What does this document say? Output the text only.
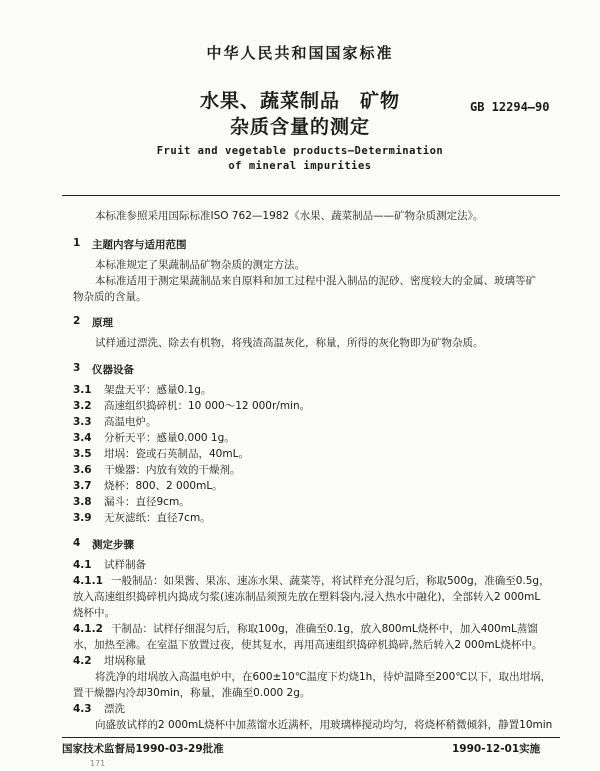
中华人民共和国国家标准
水果、蔬菜制品　矿物
杂质含量的测定
GB 12294—90
Fruit and vegetable products—Determination
of mineral impurities
本标准参照采用国际标准ISO 762—1982《水果、蔬菜制品——矿物杂质测定法》。
1 主题内容与适用范围
本标准规定了果蔬制品矿物杂质的测定方法。
本标准适用于测定果蔬制品来自原料和加工过程中混入制品的泥砂、密度较大的金属、玻璃等矿
物杂质的含量。
2 原理
试样通过漂洗、除去有机物，将残渣高温灰化，称量，所得的灰化物即为矿物杂质。
3 仪器设备
3.1 架盘天平：感量0.1g。
3.2 高速组织捣碎机：10 000～12 000r/min。
3.3 高温电炉。
3.4 分析天平：感量0.000 1g。
3.5 坩埚：瓷或石英制品，40mL。
3.6 干燥器：内放有效的干燥剂。
3.7 烧杯：800、2 000mL。
3.8 漏斗：直径9cm。
3.9 无灰滤纸：直径7cm。
4 测定步骤
4.1 试样制备
4.1.1 一般制品：如果酱、果冻、速冻水果、蔬菜等，将试样充分混匀后，称取500g，准确至0.5g，
放入高速组织捣碎机内捣成匀浆(速冻制品须预先放在塑料袋内,浸入热水中融化)，全部转入2 000mL
烧杯中。
4.1.2 干制品：试样仔细混匀后，称取100g，准确至0.1g，放入800mL烧杯中，加入400mL蒸馏
水，加热至沸。在室温下放置过夜，使其复水，再用高速组织捣碎机捣碎,然后转入2 000mL烧杯中。
4.2 坩埚称量
将洗净的坩埚放入高温电炉中，在600±10℃温度下灼烧1h，待炉温降至200℃以下，取出坩埚，
置干燥器内冷却30min，称量，准确至0.000 2g。
4.3 漂洗
向盛放试样的2 000mL烧杯中加蒸馏水近满杯，用玻璃棒搅动均匀，将烧杯稍微倾斜，静置10min
国家技术监督局1990-03-29批准	1990-12-01实施
171
